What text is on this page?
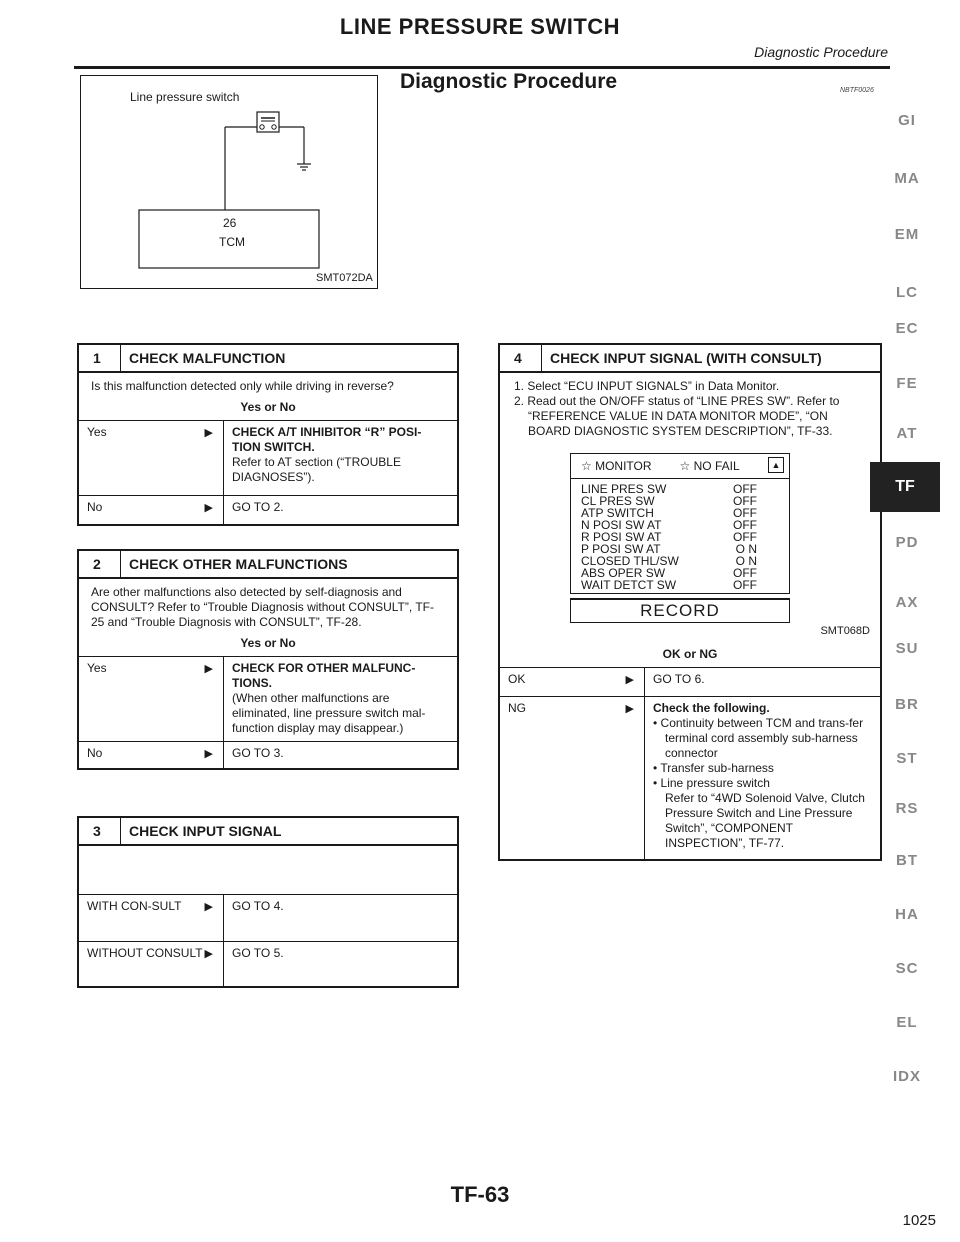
LINE PRESSURE SWITCH
Diagnostic Procedure
Diagnostic Procedure	NBTF0026
Line pressure switch
26
TCM
SMT072DA
1	CHECK MALFUNCTION
Is this malfunction detected only while driving in reverse?
Yes or No
Yes	▶ CHECK A/T INHIBITOR “R” POSI-TION SWITCH.
Refer to AT section (“TROUBLE DIAGNOSES”).
No	▶ GO TO 2.
2	CHECK OTHER MALFUNCTIONS
Are other malfunctions also detected by self-diagnosis and CONSULT? Refer to “Trouble Diagnosis without CONSULT”, TF-25 and “Trouble Diagnosis with CONSULT”, TF-28.
Yes or No
Yes	▶ CHECK FOR OTHER MALFUNC-TIONS.
(When other malfunctions are eliminated, line pressure switch mal-function display may disappear.)
No	▶ GO TO 3.
3	CHECK INPUT SIGNAL
WITH CON-SULT ▶ GO TO 4.
WITHOUT CONSULT ▶ GO TO 5.
4	CHECK INPUT SIGNAL (WITH CONSULT)
1. Select “ECU INPUT SIGNALS” in Data Monitor.
2. Read out the ON/OFF status of “LINE PRES SW”. Refer to “REFERENCE VALUE IN DATA MONITOR MODE”, “ON BOARD DIAGNOSTIC SYSTEM DESCRIPTION”, TF-33.
☆ MONITOR ☆ NO FAIL	▲
LINE PRES SW	OFF
CL PRES SW	OFF
ATP SWITCH	OFF
N POSI SW AT	OFF
R POSI SW AT	OFF
P POSI SW AT	O N
CLOSED THL/SW	O N
ABS OPER SW	OFF
WAIT DETCT SW	OFF
RECORD
SMT068D
OK or NG
OK	▶ GO TO 6.
NG	▶ Check the following.
• Continuity between TCM and trans-fer terminal cord assembly sub-harness connector
• Transfer sub-harness
• Line pressure switch
Refer to “4WD Solenoid Valve, Clutch Pressure Switch and Line Pressure Switch”, “COMPONENT INSPECTION”, TF-77.
GI
MA
EM
LC
EC
FE
AT
TF
PD
AX
SU
BR
ST
RS
BT
HA
SC
EL
IDX
TF-63
1025
